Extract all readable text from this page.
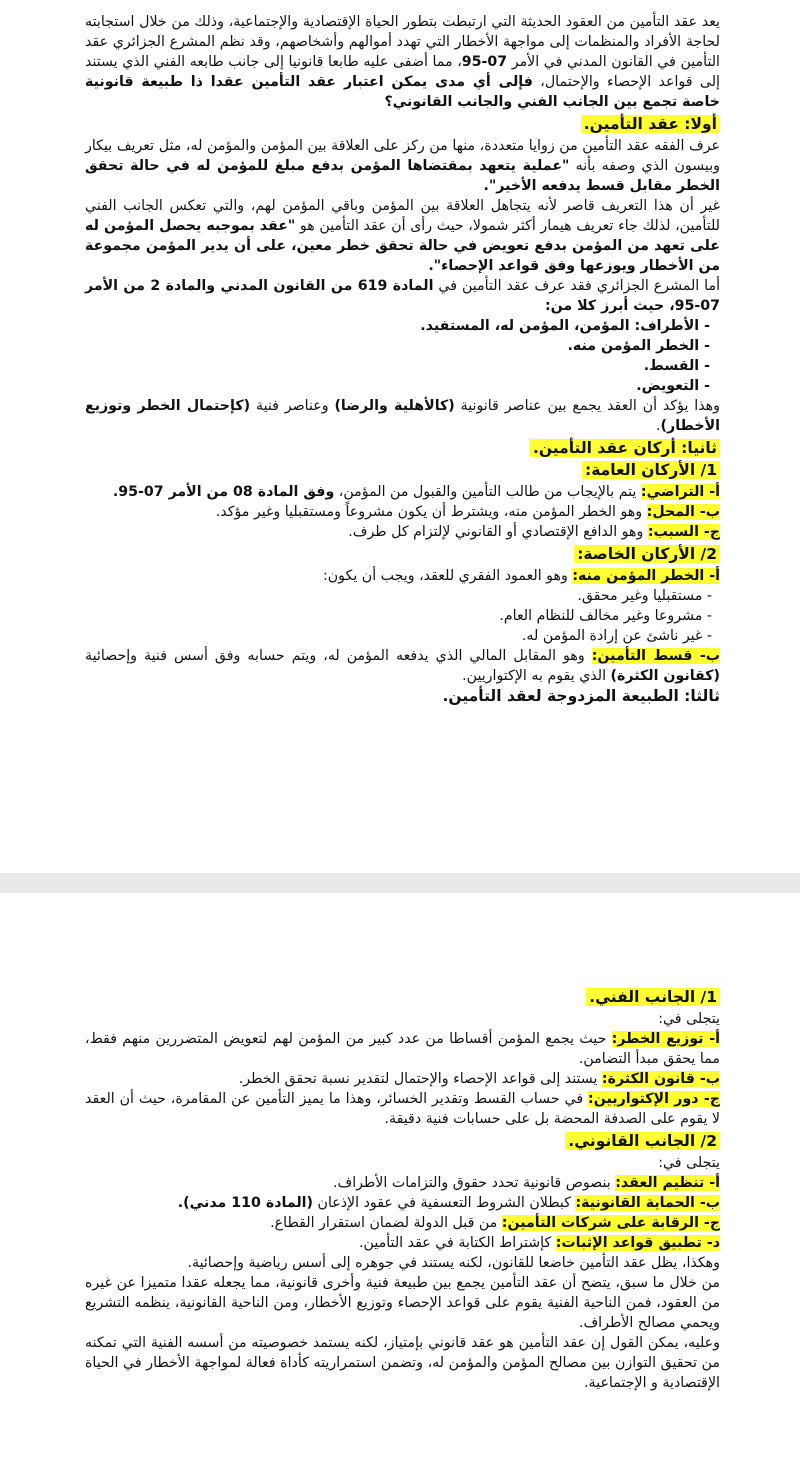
يعد عقد التأمين من العقود الحديثة التي ارتبطت بتطور الحياة الإقتصادية والإجتماعية، وذلك من خلال استجابته لحاجة الأفراد والمنظمات إلى مواجهة الأخطار التي تهدد أموالهم وأشخاصهم، وقد نظم المشرع الجزائري عقد التأمين في القانون المدني في الأمر 07-95، مما أضفى عليه طابعا قانونيا إلى جانب طابعه الفني الذي يستند إلى قواعد الإحصاء والإحتمال، فإلى أي مدى يمكن اعتبار عقد التأمين عقدا ذا طبيعة قانونية خاصة تجمع بين الجانب الفني والجانب القانوني؟

أولا: عقد التأمين.

عرف الفقه عقد التأمين من زوايا متعددة، منها من ركز على العلاقة بين المؤمن والمؤمن له، مثل تعريف بيكار وبيسون الذي وصفه بأنه "عملية يتعهد بمقتضاها المؤمن بدفع مبلغ للمؤمن له في حالة تحقق الخطر مقابل قسط يدفعه الأخير".

غير أن هذا التعريف قاصر لأنه يتجاهل العلاقة بين المؤمن وباقي المؤمن لهم، والتي تعكس الجانب الفني للتأمين، لذلك جاء تعريف هيمار أكثر شمولا، حيث رأى أن عقد التأمين هو "عقد بموجبه يحصل المؤمن له على تعهد من المؤمن بدفع تعويض في حالة تحقق خطر معين، على أن يدير المؤمن مجموعة من الأخطار ويوزعها وفق قواعد الإحصاء".

أما المشرع الجزائري فقد عرف عقد التأمين في المادة 619 من القانون المدني والمادة 2 من الأمر 07-95، حيث أبرز كلا من:

- الأطراف: المؤمن، المؤمن له، المستفيد.
- الخطر المؤمن منه.
- القسط.
- التعويض.

وهذا يؤكد أن العقد يجمع بين عناصر قانونية (كالأهلية والرضا) وعناصر فنية (كإحتمال الخطر وتوزيع الأخطار).

ثانيا: أركان عقد التأمين.
1/ الأركان العامة:

أ- التراضي: يتم بالإيجاب من طالب التأمين والقبول من المؤمن، وفق المادة 08 من الأمر 07-95.

ب- المحل: وهو الخطر المؤمن منه، ويشترط أن يكون مشروعاً ومستقبليا وغير مؤكد.

ج- السبب: وهو الدافع الإقتصادي أو القانوني لإلتزام كل طرف.

2/ الأركان الخاصة:

أ- الخطر المؤمن منه: وهو العمود الفقري للعقد، ويجب أن يكون:

- مستقبليا وغير محقق.
- مشروعا وغير مخالف للنظام العام.
- غير ناشئ عن إرادة المؤمن له.

ب- قسط التأمين: وهو المقابل المالي الذي يدفعه المؤمن له، ويتم حسابه وفق أسس فنية وإحصائية (كقانون الكثرة) الذي يقوم به الإكتواريين.

ثالثا: الطبيعة المزدوجة لعقد التأمين.
1/ الجانب الفني.

يتجلى في:

أ- توزيع الخطر: حيث يجمع المؤمن أقساطا من عدد كبير من المؤمن لهم لتعويض المتضررين منهم فقط، مما يحقق مبدأ التضامن.

ب- قانون الكثرة: يستند إلى قواعد الإحصاء والإحتمال لتقدير نسبة تحقق الخطر.

ج- دور الإكتواريين: في حساب القسط وتقدير الخسائر، وهذا ما يميز التأمين عن المقامرة، حيث أن العقد لا يقوم على الصدفة المحضة بل على حسابات فنية دقيقة.

2/ الجانب القانوني.

يتجلى في:

أ- تنظيم العقد: بنصوص قانونية تحدد حقوق والتزامات الأطراف.

ب- الحماية القانونية: كبطلان الشروط التعسفية في عقود الإذعان (المادة 110 مدني).

ج- الرقابة على شركات التأمين: من قبل الدولة لضمان استقرار القطاع.

د- تطبيق قواعد الإثبات: كإشتراط الكتابة في عقد التأمين.

وهكذا، يظل عقد التأمين خاضعا للقانون، لكنه يستند في جوهره إلى أسس رياضية وإحصائية.

من خلال ما سبق، يتضح أن عقد التأمين يجمع بين طبيعة فنية وأخرى قانونية، مما يجعله عقدا متميزا عن غيره من العقود، فمن الناحية الفنية يقوم على قواعد الإحصاء وتوزيع الأخطار، ومن الناحية القانونية، ينظمه التشريع ويحمي مصالح الأطراف.

وعليه، يمكن القول إن عقد التأمين هو عقد قانوني بإمتياز، لكنه يستمد خصوصيته من أسسه الفنية التي تمكنه من تحقيق التوازن بين مصالح المؤمن والمؤمن له، وتضمن استمراريته كأداة فعالة لمواجهة الأخطار في الحياة الإقتصادية و الإجتماعية.
